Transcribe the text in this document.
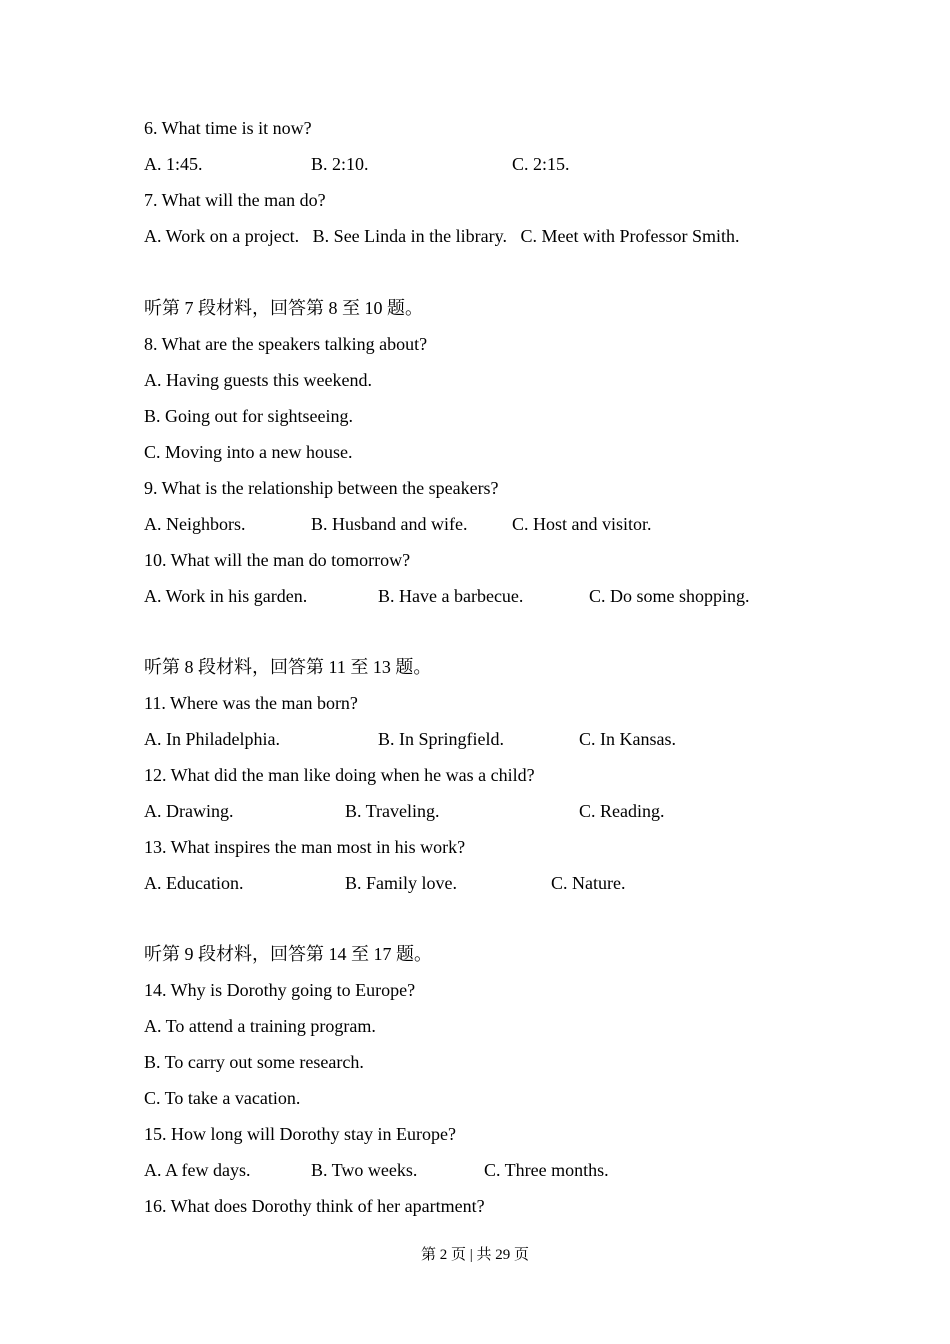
6. What time is it now?
A. 1:45.	B. 2:10.	C. 2:15.
7. What will the man do?
A. Work on a project.   B. See Linda in the library.   C. Meet with Professor Smith.
听第 7 段材料，回答第 8 至 10 题。
8. What are the speakers talking about?
A. Having guests this weekend.
B. Going out for sightseeing.
C. Moving into a new house.
9. What is the relationship between the speakers?
A. Neighbors.	B. Husband and wife. C. Host and visitor.
10. What will the man do tomorrow?
A. Work in his garden.	B. Have a barbecue.	C. Do some shopping.
听第 8 段材料，回答第 11 至 13 题。
11. Where was the man born?
A. In Philadelphia.	B. In Springfield.	C. In Kansas.
12. What did the man like doing when he was a child?
A. Drawing.	B. Traveling.	C. Reading.
13. What inspires the man most in his work?
A. Education.	B. Family love.	C. Nature.
听第 9 段材料，回答第 14 至 17 题。
14. Why is Dorothy going to Europe?
A. To attend a training program.
B. To carry out some research.
C. To take a vacation.
15. How long will Dorothy stay in Europe?
A. A few days.	B. Two weeks.	C. Three months.
16. What does Dorothy think of her apartment?
第 2 页 | 共 29 页
